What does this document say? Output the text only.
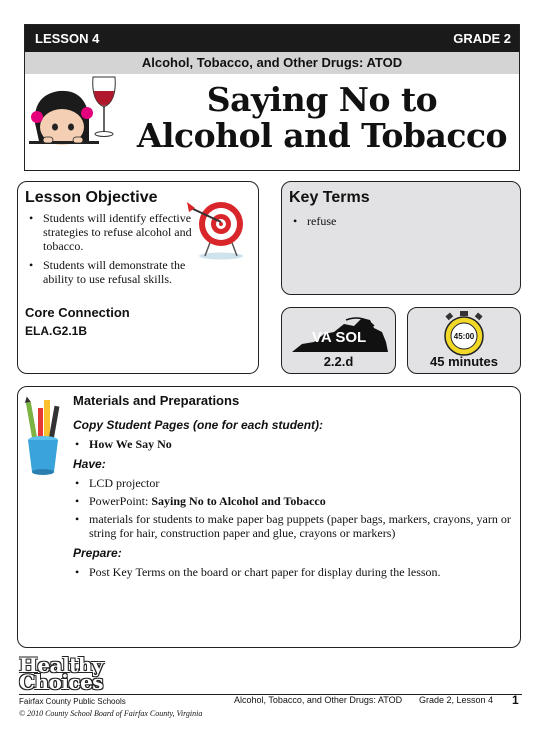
LESSON 4	GRADE 2
Alcohol, Tobacco, and Other Drugs: ATOD
Saying No to
Alcohol and Tobacco
Lesson Objective
• Students will identify effective strategies to refuse alcohol and tobacco.
• Students will demonstrate the ability to use refusal skills.
Core Connection
ELA.G2.1B
Key Terms
• refuse
VA SOL
2.2.d
45:00
45 minutes
Materials and Preparations
Copy Student Pages (one for each student):
• How We Say No
Have:
• LCD projector
• PowerPoint: Saying No to Alcohol and Tobacco
• materials for students to make paper bag puppets (paper bags, markers, crayons, yarn or string for hair, construction paper and glue, crayons or markers)
Prepare:
• Post Key Terms on the board or chart paper for display during the lesson.
Healthy
Choices
Fairfax County Public Schools
© 2010 County School Board of Fairfax County, Virginia
Alcohol, Tobacco, and Other Drugs: ATOD Grade 2, Lesson 4 1
